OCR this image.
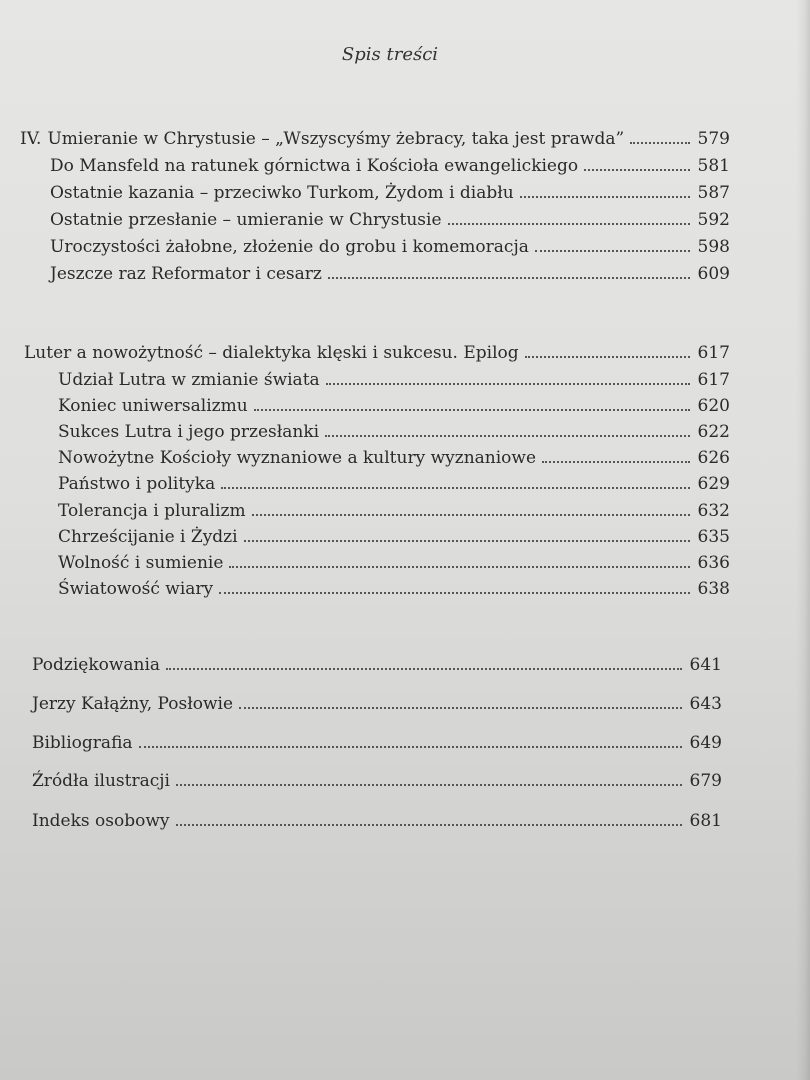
Spis treści
IV. Umieranie w Chrystusie – „Wszyscyśmy żebracy, taka jest prawda”	579
Do Mansfeld na ratunek górnictwa i Kościoła ewangelickiego	581
Ostatnie kazania – przeciwko Turkom, Żydom i diabłu	587
Ostatnie przesłanie – umieranie w Chrystusie	592
Uroczystości żałobne, złożenie do grobu i komemoracja	598
Jeszcze raz Reformator i cesarz	609
Luter a nowożytność – dialektyka klęski i sukcesu. Epilog	617
Udział Lutra w zmianie świata	617
Koniec uniwersalizmu	620
Sukces Lutra i jego przesłanki	622
Nowożytne Kościoły wyznaniowe a kultury wyznaniowe	626
Państwo i polityka	629
Tolerancja i pluralizm	632
Chrześcijanie i Żydzi	635
Wolność i sumienie	636
Światowość wiary	638
Podziękowania	641
Jerzy Kałążny, Posłowie	643
Bibliografia	649
Źródła ilustracji	679
Indeks osobowy	681
